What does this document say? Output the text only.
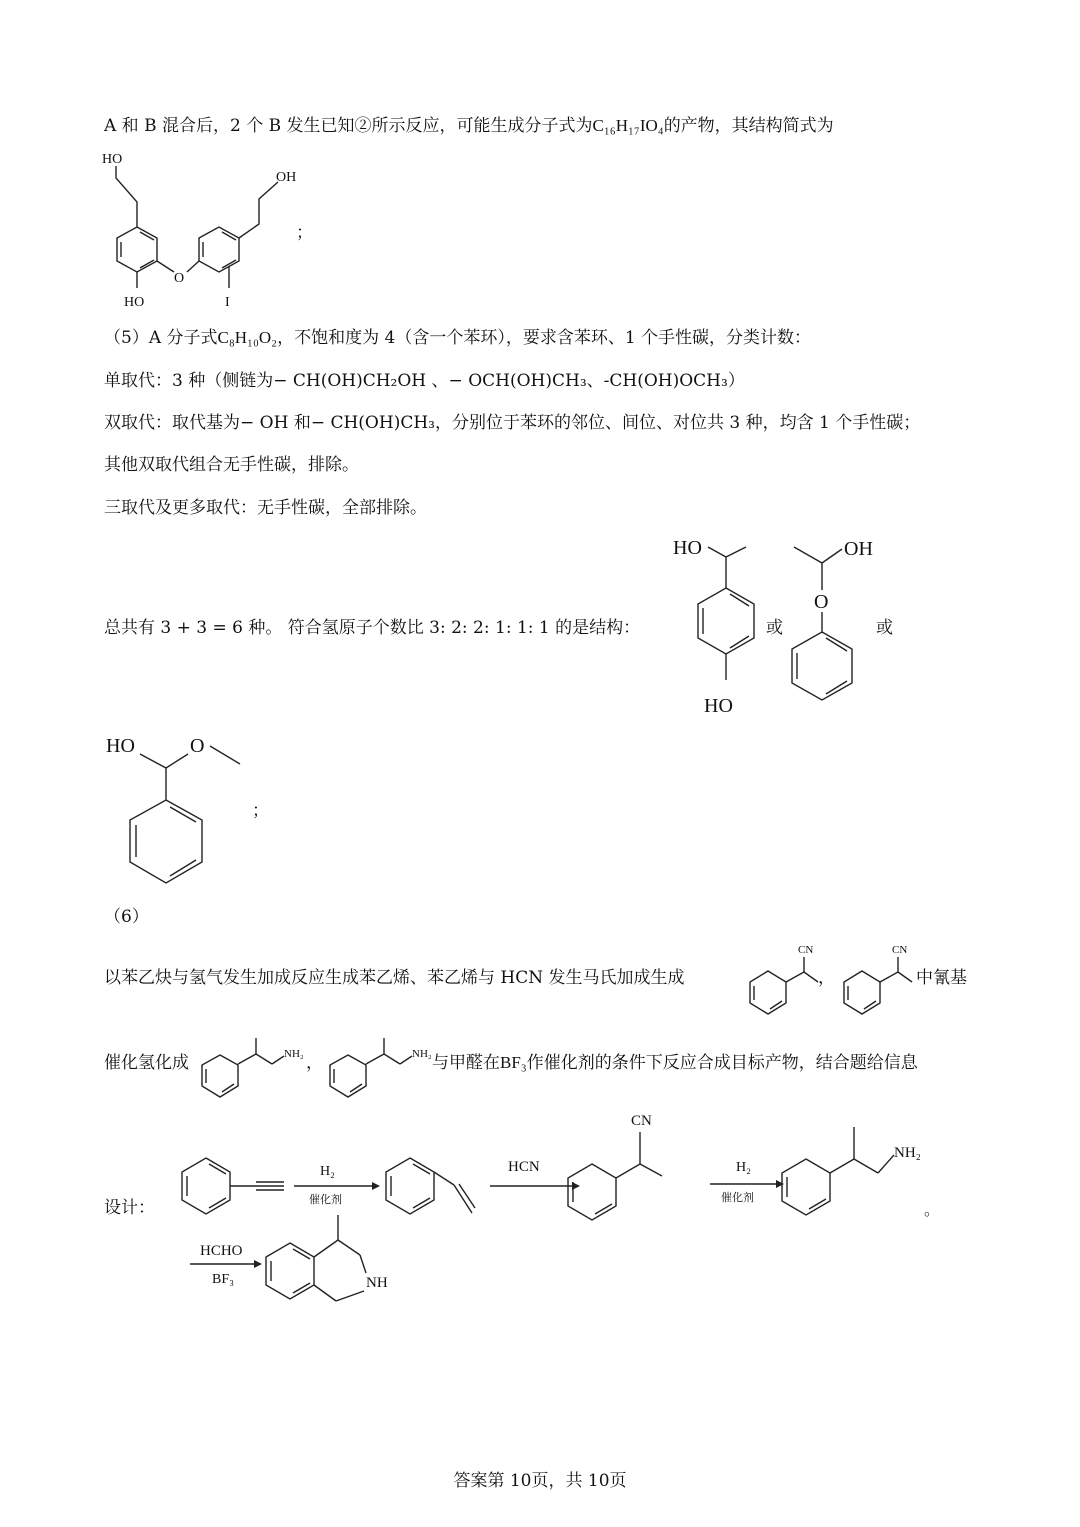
A 和 B 混合后，2 个 B 发生已知②所示反应，可能生成分子式为C₁₆H₁₇IO₄的产物，其结构简式为
HO
HO
O
OH
I
；
（5）A 分子式C₈H₁₀O₂，不饱和度为 4（含一个苯环），要求含苯环、1 个手性碳，分类计数：
单取代：3 种（侧链为− CH(OH)CH₂OH 、− OCH(OH)CH₃、-CH(OH)OCH₃）
双取代：取代基为− OH 和− CH(OH)CH₃，分别位于苯环的邻位、间位、对位共 3 种，均含 1 个手性碳；
其他双取代组合无手性碳，排除。
三取代及更多取代：无手性碳，全部排除。
HO
HO
或
OH
O
或
总共有 3 + 3 = 6 种。 符合氢原子个数比 3: 2: 2: 1: 1: 1 的是结构：
HO	O
；
（6）
以苯乙炔与氢气发生加成反应生成苯乙烯、苯乙烯与 HCN 发生马氏加成生成
CN
，
CN
中氰基
催化氢化成	NH₂ ，	NH₂ 与甲醛在BF₃作催化剂的条件下反应合成目标产物，结合题给信息
设计：
H₂
催化剂
HCN
CN
H₂
催化剂
NH₂
。
HCHO
BF₃	NH
答案第 10页，共 10页
